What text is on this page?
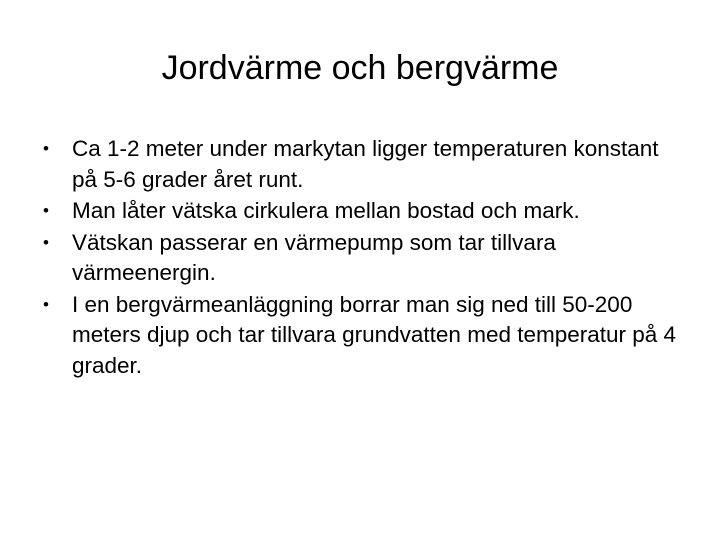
Jordvärme och bergvärme
•	Ca 1-2 meter under markytan ligger temperaturen konstant på 5-6 grader året runt.
•	Man låter vätska cirkulera mellan bostad och mark.
•	Vätskan passerar en värmepump som tar tillvara värmeenergin.
•	I en bergvärmeanläggning borrar man sig ned till 50-200 meters djup och tar tillvara grundvatten med temperatur på 4 grader.
